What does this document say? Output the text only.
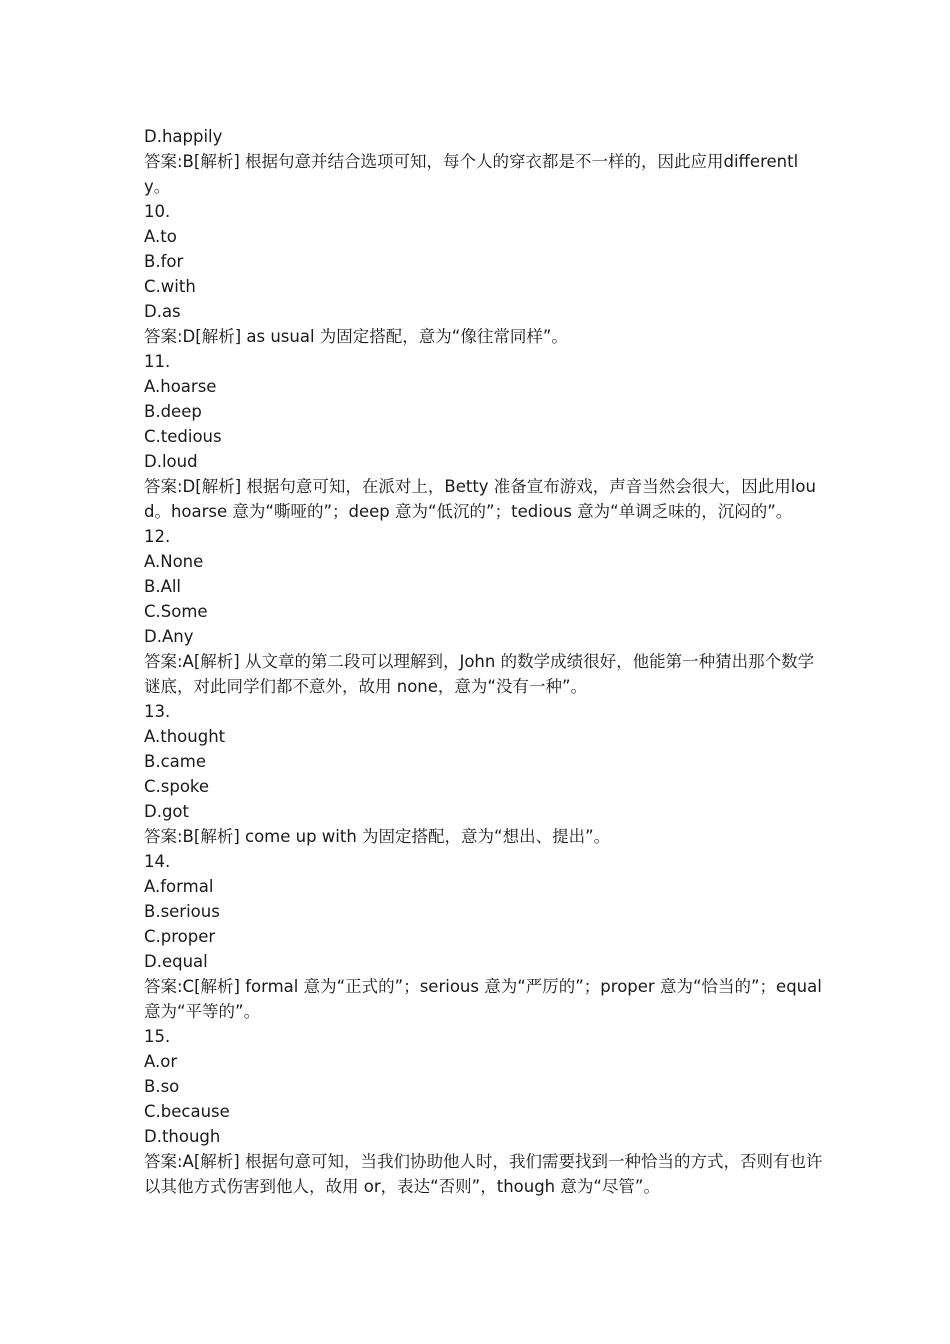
D.happily
答案:B[解析] 根据句意并结合选项可知，每个人的穿衣都是不一样的，因此应用differently。
10.
A.to
B.for
C.with
D.as
答案:D[解析] as usual 为固定搭配，意为“像往常同样”。
11.
A.hoarse
B.deep
C.tedious
D.loud
答案:D[解析] 根据句意可知，在派对上，Betty 准备宣布游戏，声音当然会很大，因此用loud。hoarse 意为“嘶哑的”；deep 意为“低沉的”；tedious 意为“单调乏味的，沉闷的”。
12.
A.None
B.All
C.Some
D.Any
答案:A[解析] 从文章的第二段可以理解到，John 的数学成绩很好，他能第一种猜出那个数学谜底，对此同学们都不意外，故用 none，意为“没有一种”。
13.
A.thought
B.came
C.spoke
D.got
答案:B[解析] come up with 为固定搭配，意为“想出、提出”。
14.
A.formal
B.serious
C.proper
D.equal
答案:C[解析] formal 意为“正式的”；serious 意为“严厉的”；proper 意为“恰当的”；equal 意为“平等的”。
15.
A.or
B.so
C.because
D.though
答案:A[解析] 根据句意可知，当我们协助他人时，我们需要找到一种恰当的方式，否则有也许以其他方式伤害到他人，故用 or，表达“否则”，though 意为“尽管”。
